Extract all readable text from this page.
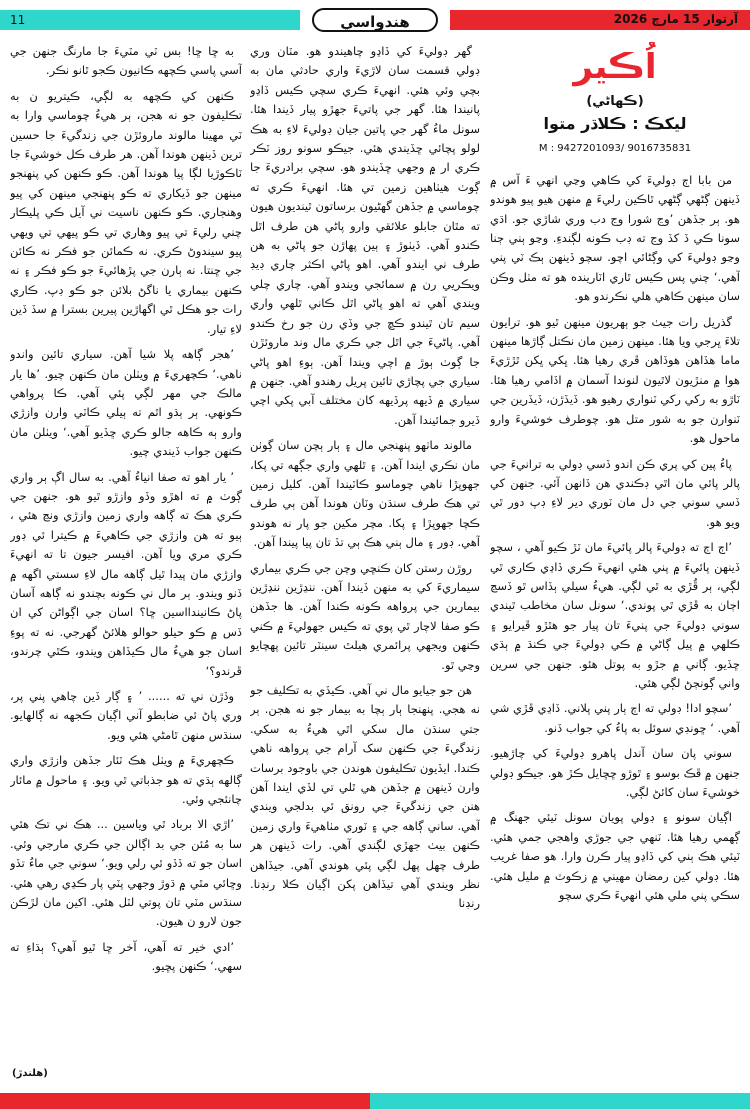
11	هندواسي	آرتوار 15 مارچ 2026
اُڪير
(ڪهاڻي)
ليکڪ : ڪلاڌر متوا
M : 9427201093/ 9016735831

من بابا اڄ ڊوليءَ کي ڪاهي وڃي انهي ءَ آس ۾ ڏينهن ڳڻهي ڳڻهي ٿاڪين رليءَ ۾ منهن هيو پيو هوندو هو. ٻر جڏهن ’وڃ شورا وڃ دب وري شاڙي جو. اڌي سونا ڪي ڏ کڏ وڃ ته ڊب ڪونه لڳندءِ. وڃو ٻني ڄنا وڃو ڊوليءَ کي وڳڻائي اچو. سچو ڏينهن ٻڪ ٽي پني آهي.‘ چني پس ڪيس ٿاري اٽارينده هو ته مٺل وڪن سان مينهن ڪاهي هلي نڪرندو هو.

گذريل رات جيٺ جو ٻهريون مينهن ٿيو هو. ترايون تلاءَ ڀرجي ويا هئا. مينهن زمين مان نڪتل ڳاڙها مينهن ماما هڏاهن هوڏاهن ڦري رهيا هئا. ڀکي ڀکن ٿڙڙيءَ هوا ۾ منڙيون لاٿيون لنوندا آسمان ۾ اڏامي رهيا هئا. ٽاڙو به رکي رکي ٽنواري رهيو هو. ڏيڏڙن، ڏيڏرين جي ٽنوارن جو به شور متل هو. چوطرف خوشيءَ وارو ماحول هو.

پاءُ پين کي پري ڪن اندو ڏسي ڊولي به ترانيءَ جي پالر پائي مان اٿي ڊڪندي هن ڏانهن آئي. جنهن کي ڏسي سوني جي دل مان ٽوري دير لاءِ ڊپ دور ٿي ويو هو.

’اڄ اڄ ته ڊوليءَ پالر پائيءَ مان ٽڙ ڪيو آهي ، سچو ڏينهن پائيءَ ۾ پني هئي انهيءَ ڪري ڏاڍي ڪاري ٿي لڳي، ٻر ڦُڙي به ٿي لڳي. هيءُ سيلي ٻڏاس ٿو ڏسڃ اڄان به ڦڙي ٿي پوندي.‘ سونل سان مخاطب ٿيندي سوني ڊوليءَ جي پنيءَ تان پيار جو هٿڙو ڦيرايو ۽ ڪلهي ۾ پيل ڳاڻي ۾ ڪي ڊوليءَ جي ڪنڌ ۾ ٻڌي ڇڏيو. ڳاني ۾ جڙو به پوتل هئو. جنهن جي سرين واني ڳونڄڻ لڳي هئي.

’سچو ادا! ڊولي ته اڄ ٻار پني پلاني. ڏاڍي ڦڙي شي آهي. ‘ ڇونڊي سوئل به پاءُ کي جواب ڏنو.

سوني پان سان آندل پاهرو ڊوليءَ کي چاڙهيو. جنهن ۾ ڦڪ بوسو ۽ ٿوڙو ڇڇايل ڪڙ هو. جيڪو ڊولي خوشيءَ سان کائڻ لڳي.

اڳيان سونو ۽ ڊولي پويان سونل ٽيئي جهنگ ۾ ڳهمي رهيا هئا. ٽنهي جي جوڙي واهجي جمي هئي. ٽيئي هڪ ٻني کي ڏاڍو پيار ڪرن وارا. هو صفا غريب هئا. ڊولي کين رمضان مهيني ۾ زڪوٽ ۾ مليل هئي. سڪي پني ملي هئي انهيءَ ڪري سچو

گهر ڊوليءَ کي ڏاڍو چاهيندو هو. مٽان وري ڊولي قسمت سان لاڙيءَ واري حادثي مان به بچي وئي هئي. انهيءَ ڪري سچي ڪيس ڏاڍو پانيندا هئا. گهر جي پاتيءَ جهڙو پيار ڏيندا هئا. سونل ماءُ گهر جي پاتين جيان ڊوليءَ لاءِ به هڪ لولو پچائي ڇڏيندي هئي. جيڪو سونو روز ٽڪر ڪري ار ۾ وجهي ڇڏيندو هو. سچي برادريءَ جا ڳوٺ هيٺاهين زمين تي هئا. انهيءَ ڪري ته چوماسي ۾ جڏهن گهڻيون برساتون ٿينديون هيون ته مٿان جابلو علائقي وارو پاڻي هن طرف اٿل ڪندو آهي. ڏيٺوڙ ۽ ٻين پهاڙن جو پاڻي به هن طرف ني ايندو آهي. اهو پاڻي اڪثر چاري ڊيڊ ويڪريي رن ۾ سمائجي ويندو آهي. چاري چلي ويندي آهي ته اهو پاڻي اٿل ڪاني ٿلهي واري سيم تان ٿيندو ڪڇ جي وڏي رن جو رخ ڪندو آهي. پاڻيءَ جي اٿل جي ڪري مال وند ماروئڙن جا ڳوٺ ٻوڙ ۾ اچي ويندا آهن. ٻوءِ اهو پاڻي سياري جي پچاڙي تائين پريل رهندو آهي. جنهن ۾ سياري ۾ ڏيهه پرڏيهه کان مختلف آبي پکي اچي ڏيرو جمائيندا آهن.

مالوند ماٺهو پنهنجي مال ۽ ٻار ٻچن سان ڳوٺن مان نڪري ايندا آهن. ۽ ٿلهي واري جڳهه تي پکا، جهوپڙا ناهي چوماسو ڪاٽيندا آهن. کليل زمين تي هڪ طرف سنڌن وٽان هوندا آهن ٻي طرف ڪچا جهوپڙا ۽ پکا. مچر مکين جو پار نه هوندو آهي. ڊور ۽ مال ٻني هڪ ٻي تڏ تان پيا پيندا آهن.

روڙن رستن کان ڪنڇي وچن جي ڪري بيماري سيماريءَ کي به منهن ڏيندا آهن. ننڍڙين ننڍڙين بيمارين جي پرواهه ڪونه ڪندا آهن. ها جڏهن ڪو صفا لاچار ٿي پوي ته ڪيس جهوليءَ ۾ ڪني ڪنهن ويجهي پرائمري هيلٿ سينٽر تائين پهچايو وڃي ٿو.

هن جو جيايو مال ني آهي. ڪيڏي به تڪليف جو نه هجي. پنهنجا ٻار ٻچا به بيمار جو نه هجن. ٻر جتي سنڌن مال سکي اٿي هيءُ به سکي. زندگيءَ جي ڪنهن سک آرام جي پرواهه ناهي ڪندا. ايڏيون تڪليفون هوندن جي باوجود برسات وارن ڏينهن ۾ جڏهن هي ٿلي تي لڏي ايندا آهن هنن جي زندگيءَ جي رونق ئي بدلجي ويندي آهي. ساني ڳاهه جي ۽ ٽوري مٺاهيءَ واري زمين ڪنهن بيٺ جهڙي لڳندي آهي. رات ڏينهن هر طرف چهل پهل لڳي پئي هوندي آهي. جيڏاهن نظر ويندي آهي تيڏاهن پکن اڳيان ڪلا رنڊنا. رنڊنا

به ڇا ڇا! بس ٽي مٽيءَ جا مارنگ جنهن جي آسي پاسي ڪچهه ڪانيون ڪجو ٿانو نڪر.

ڪنهن کي ڪچهه به لڳي، ڪيتريو ن به تڪليفون جو نه هجن، ٻر هيءُ چوماسي وارا به ٽي مهينا مالوند ماروئڙن جي زندگيءَ جا حسين ترين ڏينهن هوندا آهن. هر طرف ڪل خوشيءَ جا ٽاڪوڙيا لڳا پيا هوندا آهن. ڪو ڪنهن کي پنهنجو مينهن جو ڏيکاري ته ڪو پنهنجي مينهن کي پيو وهنجاري. ڪو ڪنهن ناسيت ني آيل ڪي پليڪار چني رليءَ تي پيو وهاري تي ڪو پيهي تي ويهي پيو سيندوڻ ڪري. نه ڪمائن جو فڪر نه ڪائن جي ڇنتا. نه ٻارن جي پڙهائيءَ جو ڪو فڪر ۽ نه ڪنهن بيماري يا ناگڻ بلائن جو ڪو ڊپ. ڪاري رات جو هڪل ٿي اگهاڙين پيرين بسترا ۾ سڏ ڏين لاءِ تيار.

’هجر ڳاهه پلا شيا آهن. سياري تائين واندو ناهي.‘ ڪچهريءَ ۾ ويٺلن مان ڪنهن چيو. ’ها يار مالڪ جي مهر لڳي پئي آهي. ڪا پرواهي ڪونهي. ٻر ٻڌو اٿم ته ٻيلي ڪاٽي وارن وازڙي وارو ٻه ڪاهه جالو ڪري ڇڏيو آهي.‘ ويٺلن مان ڪنهن جواب ڏيندي چيو.

’ يار اهو ته صفا انياءُ آهي. به سال اڳ ٻر واري ڳوٺ ۾ ته اهڙو وڏو وازڙو ٿيو هو. جنهن جي ڪري هڪ ته ڳاهه واري زمين وازڙي ونڃ هئي ، ٻيو ته هن وازڙي جي ڪاهيءَ ۾ ڪيترا ئي ڊور ڪري مري ويا آهن. افيسر جيون تا ته انهيءَ وازڙي مان پيدا ٿيل ڳاهه مال لاءِ سستي اگهه ۾ ڏنو ويندو. ٻر مال ني ڪونه بچندو نه ڳاهه آسان پاڻ ڪانيندااسين ڇا؟ اسان جي اڳواڻن کي ان ڏس ۾ ڪو حيلو حوالو هلائڻ گهرجي. نه ته پوءِ اسان جو هيءُ مال ڪيڏاهن ويندو، ڪٿي چرندو، ڦرندو؟‘

وڏڙن ني ته ...... ’ ۽ ڳار ڏين چاهي پني پر، وري پاڻ ئي ضابطو آني اڳيان ڪجهه نه ڳالهايو. سنڌس منهن ٿامڻي هئي ويو.

ڪچهريءَ ۾ ويٺل هڪ ٽئار جڏهن وازڙي واري ڳالهه ٻڌي ته هو جذباتي ٿي ويو. ۽ ماحول ۾ مائار چانئجي وئي.

’اڙي الا برباد ٿي وياسين ... هڪ ني تڪ هئي سا به مُئن جي بد اڳالن جي ڪري مارجي وئي. اسان جو ته ڏڏو ئي رلي ويو.‘ سوني جي ماءُ تڏو وڇائي مٿي ۾ ڌوڙ وجهي پٽي پار ڪڍي رهي هئي. سنڌس مٽي تان پوتي لٽل هئي. اکين مان لڙڪن جون لارو ن هيون.

’ادي خير ته آهي، آخر ڇا ٿيو آهي؟ ٻڌاءِ ته سهي.‘ ڪنهن پڇيو.

(هلندڙ)
